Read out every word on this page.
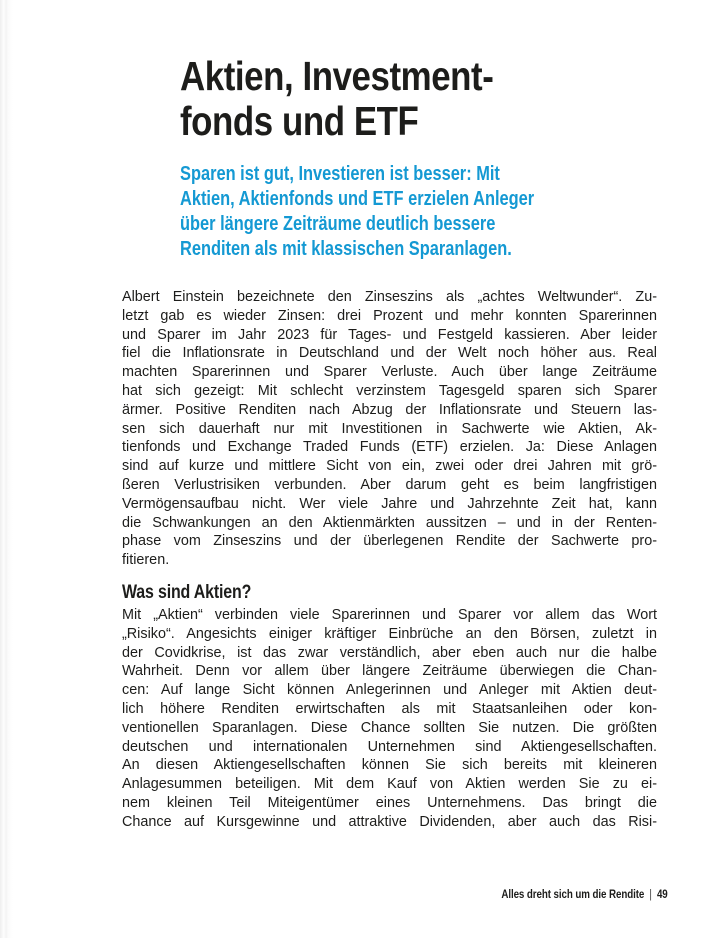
Aktien, Investment-
fonds und ETF
Sparen ist gut, Investieren ist besser: Mit
Aktien, Aktienfonds und ETF erzielen Anleger
über längere Zeiträume deutlich bessere
Renditen als mit klassischen Sparanlagen.
Albert Einstein bezeichnete den Zinseszins als „achtes Weltwunder“. Zu-
letzt gab es wieder Zinsen: drei Prozent und mehr konnten Sparerinnen
und Sparer im Jahr 2023 für Tages- und Festgeld kassieren. Aber leider
fiel die Inflationsrate in Deutschland und der Welt noch höher aus. Real
machten Sparerinnen und Sparer Verluste. Auch über lange Zeiträume
hat sich gezeigt: Mit schlecht verzinstem Tagesgeld sparen sich Sparer
ärmer. Positive Renditen nach Abzug der Inflationsrate und Steuern las-
sen sich dauerhaft nur mit Investitionen in Sachwerte wie Aktien, Ak-
tienfonds und Exchange Traded Funds (ETF) erzielen. Ja: Diese Anlagen
sind auf kurze und mittlere Sicht von ein, zwei oder drei Jahren mit grö-
ßeren Verlustrisiken verbunden. Aber darum geht es beim langfristigen
Vermögensaufbau nicht. Wer viele Jahre und Jahrzehnte Zeit hat, kann
die Schwankungen an den Aktienmärkten aussitzen – und in der Renten-
phase vom Zinseszins und der überlegenen Rendite der Sachwerte pro-
fitieren.
Was sind Aktien?
Mit „Aktien“ verbinden viele Sparerinnen und Sparer vor allem das Wort
„Risiko“. Angesichts einiger kräftiger Einbrüche an den Börsen, zuletzt in
der Covidkrise, ist das zwar verständlich, aber eben auch nur die halbe
Wahrheit. Denn vor allem über längere Zeiträume überwiegen die Chan-
cen: Auf lange Sicht können Anlegerinnen und Anleger mit Aktien deut-
lich höhere Renditen erwirtschaften als mit Staatsanleihen oder kon-
ventionellen Sparanlagen. Diese Chance sollten Sie nutzen. Die größten
deutschen und internationalen Unternehmen sind Aktiengesellschaften.
An diesen Aktiengesellschaften können Sie sich bereits mit kleineren
Anlagesummen beteiligen. Mit dem Kauf von Aktien werden Sie zu ei-
nem kleinen Teil Miteigentümer eines Unternehmens. Das bringt die
Chance auf Kursgewinne und attraktive Dividenden, aber auch das Risi-
Alles dreht sich um die Rendite | 49
